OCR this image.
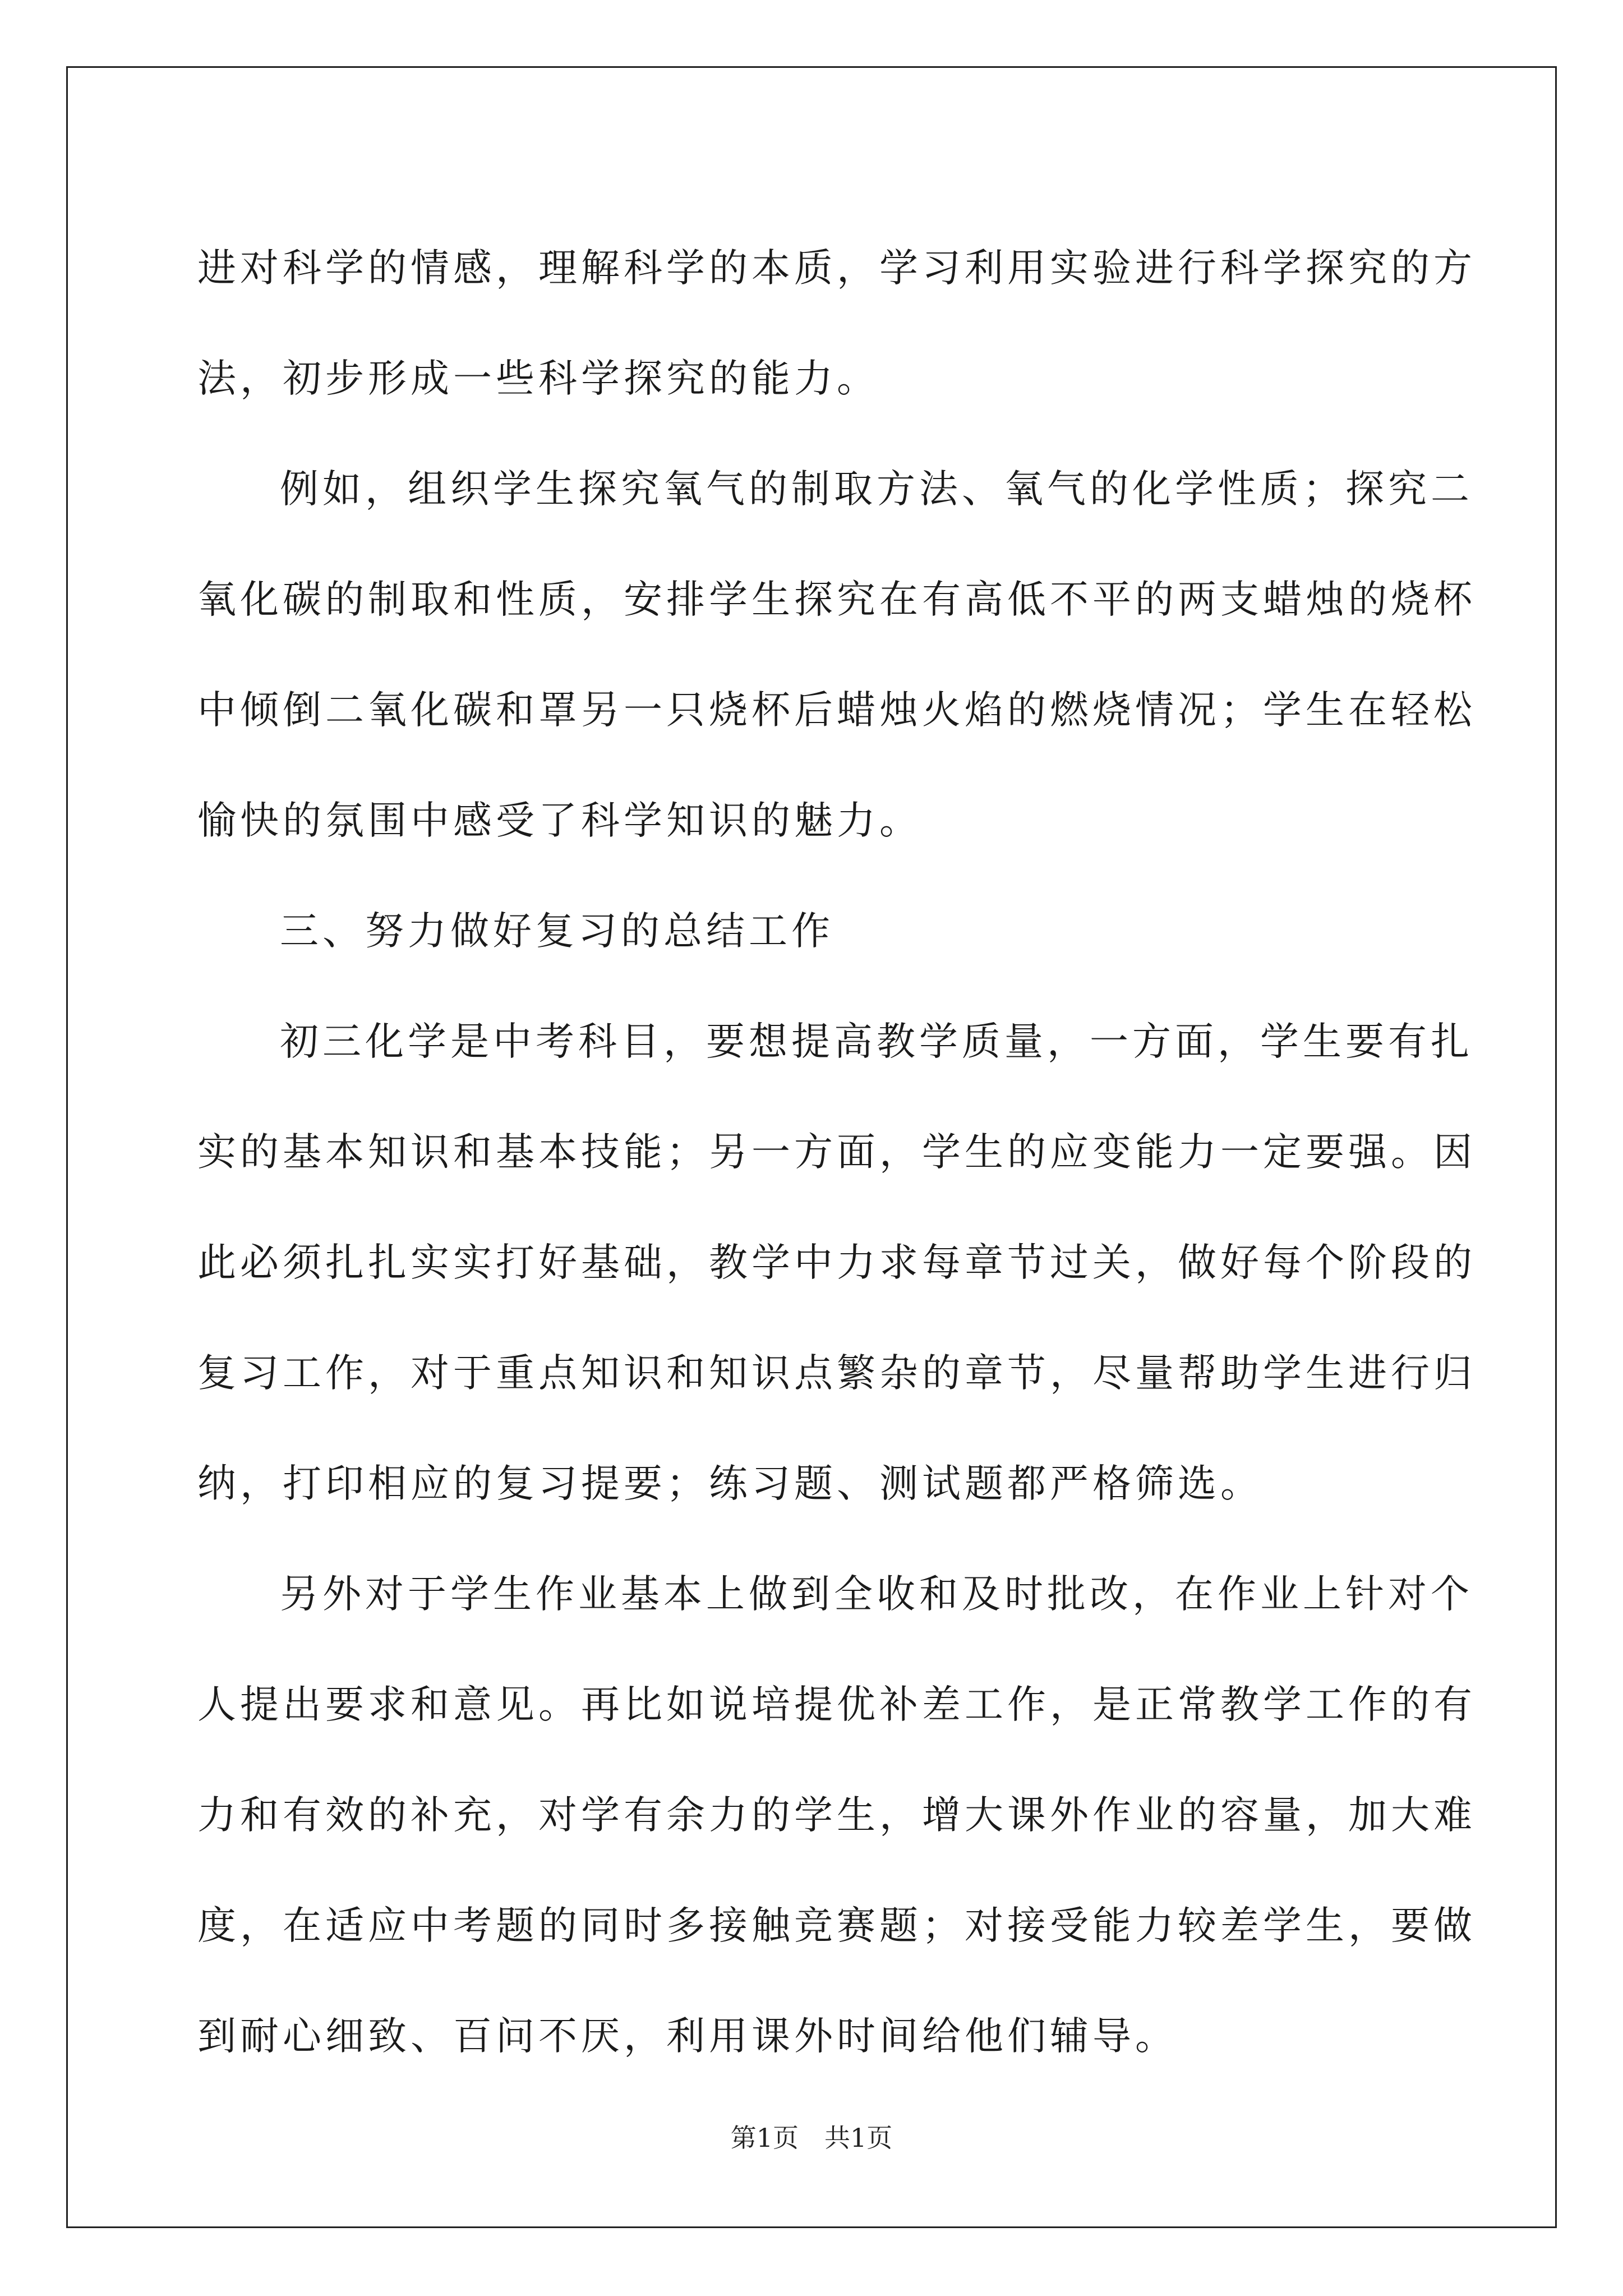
进对科学的情感，理解科学的本质，学习利用实验进行科学探究的方
法，初步形成一些科学探究的能力。

例如，组织学生探究氧气的制取方法、氧气的化学性质；探究二
氧化碳的制取和性质，安排学生探究在有高低不平的两支蜡烛的烧杯
中倾倒二氧化碳和罩另一只烧杯后蜡烛火焰的燃烧情况；学生在轻松
愉快的氛围中感受了科学知识的魅力。

三、努力做好复习的总结工作

初三化学是中考科目，要想提高教学质量，一方面，学生要有扎
实的基本知识和基本技能；另一方面，学生的应变能力一定要强。因
此必须扎扎实实打好基础，教学中力求每章节过关，做好每个阶段的
复习工作，对于重点知识和知识点繁杂的章节，尽量帮助学生进行归
纳，打印相应的复习提要；练习题、测试题都严格筛选。

另外对于学生作业基本上做到全收和及时批改，在作业上针对个
人提出要求和意见。再比如说培提优补差工作，是正常教学工作的有
力和有效的补充，对学有余力的学生，增大课外作业的容量，加大难
度，在适应中考题的同时多接触竞赛题；对接受能力较差学生，要做
到耐心细致、百问不厌，利用课外时间给他们辅导。

第1页　共1页
